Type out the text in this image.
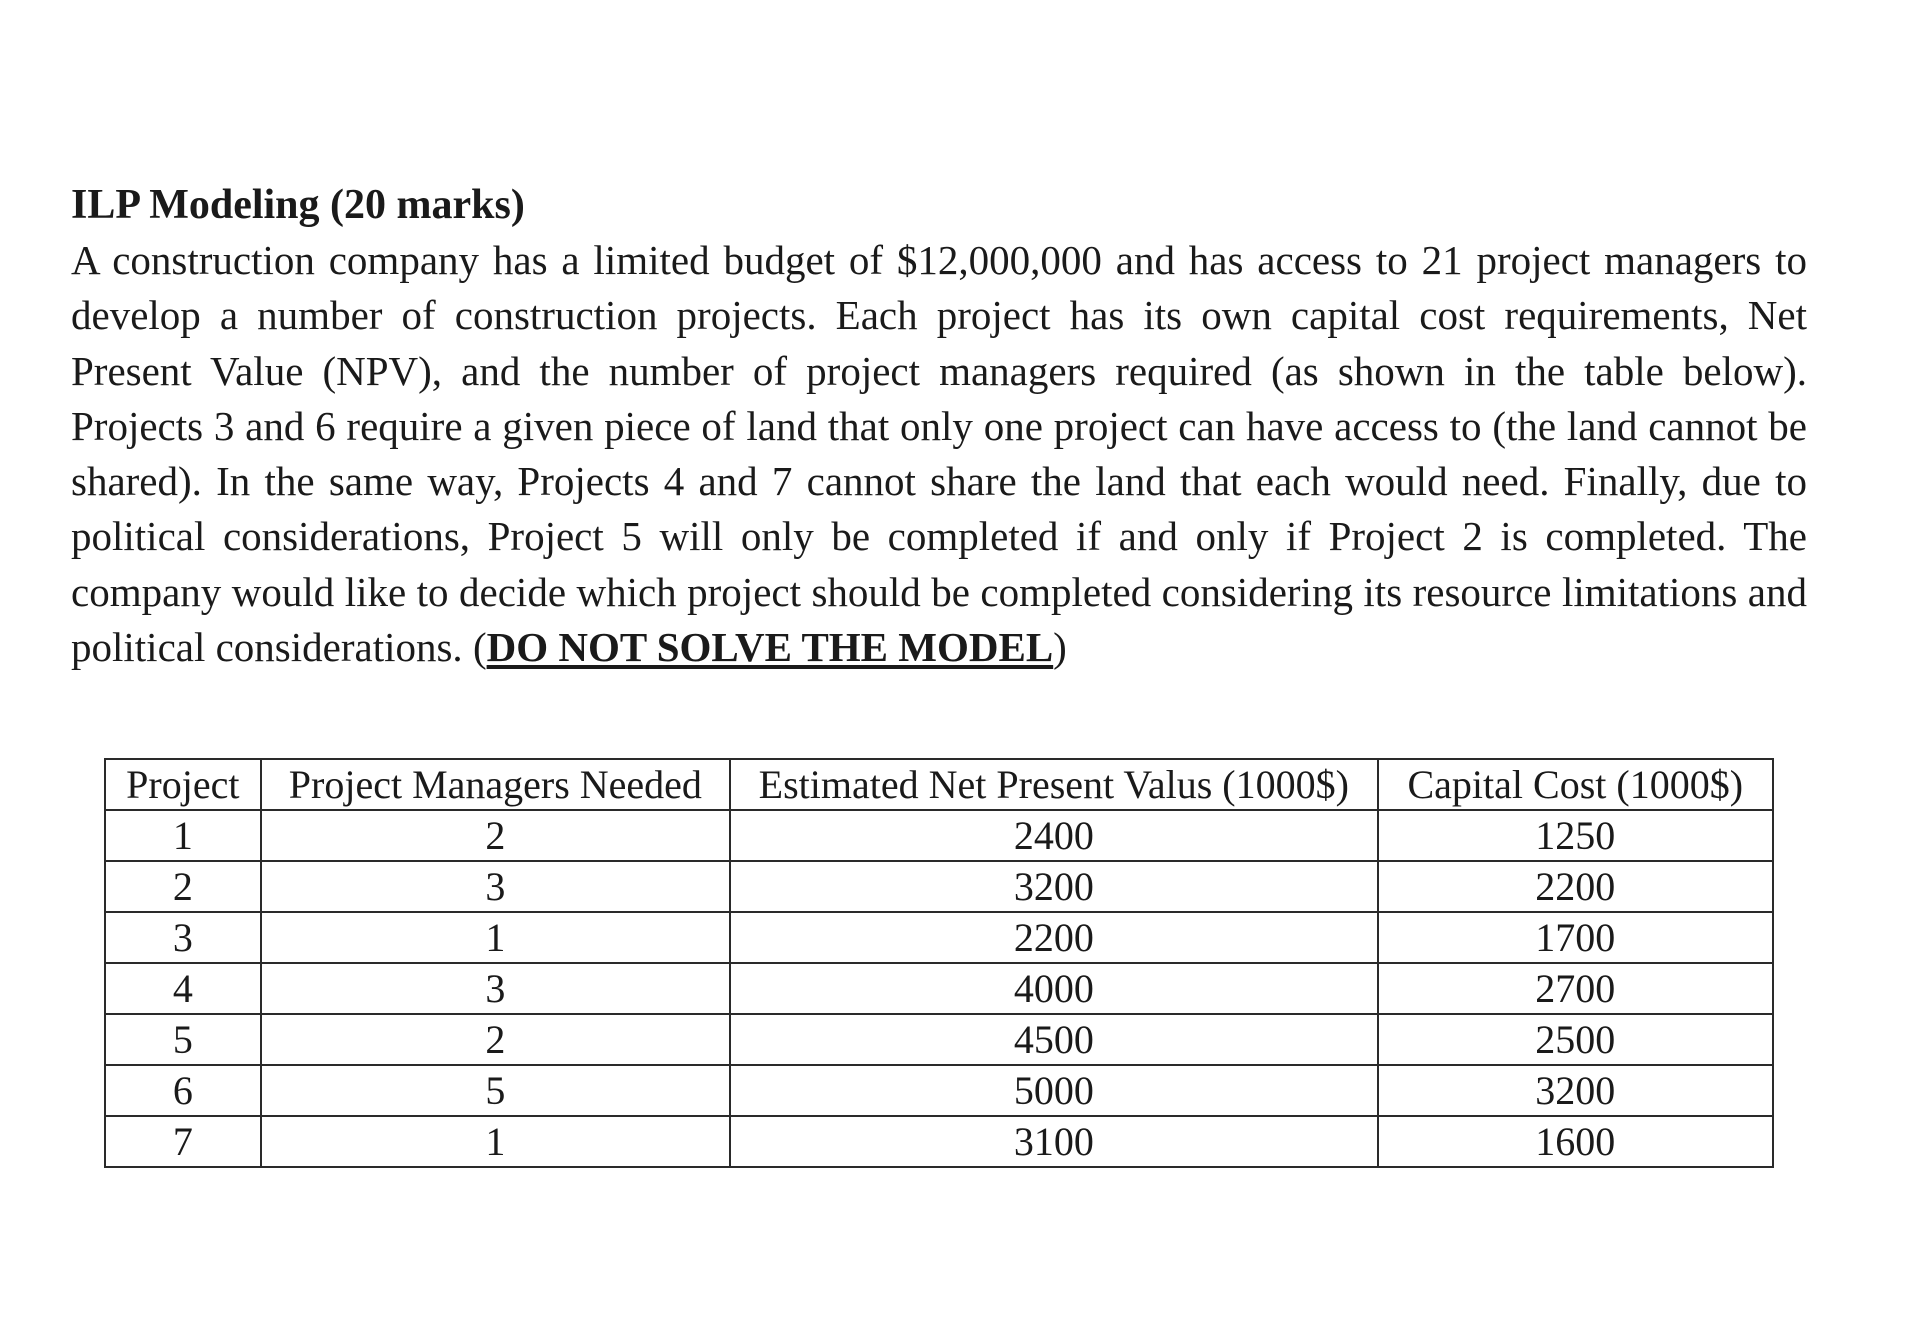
ILP Modeling (20 marks)

A construction company has a limited budget of $12,000,000 and has access to 21 project managers to develop a number of construction projects. Each project has its own capital cost requirements, Net Present Value (NPV), and the number of project managers required (as shown in the table below). Projects 3 and 6 require a given piece of land that only one project can have access to (the land cannot be shared). In the same way, Projects 4 and 7 cannot share the land that each would need. Finally, due to political considerations, Project 5 will only be completed if and only if Project 2 is completed. The company would like to decide which project should be completed considering its resource limitations and political considerations. (DO NOT SOLVE THE MODEL)

Project	Project Managers Needed	Estimated Net Present Valus (1000$)	Capital Cost (1000$)
1	2	2400	1250
2	3	3200	2200
3	1	2200	1700
4	3	4000	2700
5	2	4500	2500
6	5	5000	3200
7	1	3100	1600
